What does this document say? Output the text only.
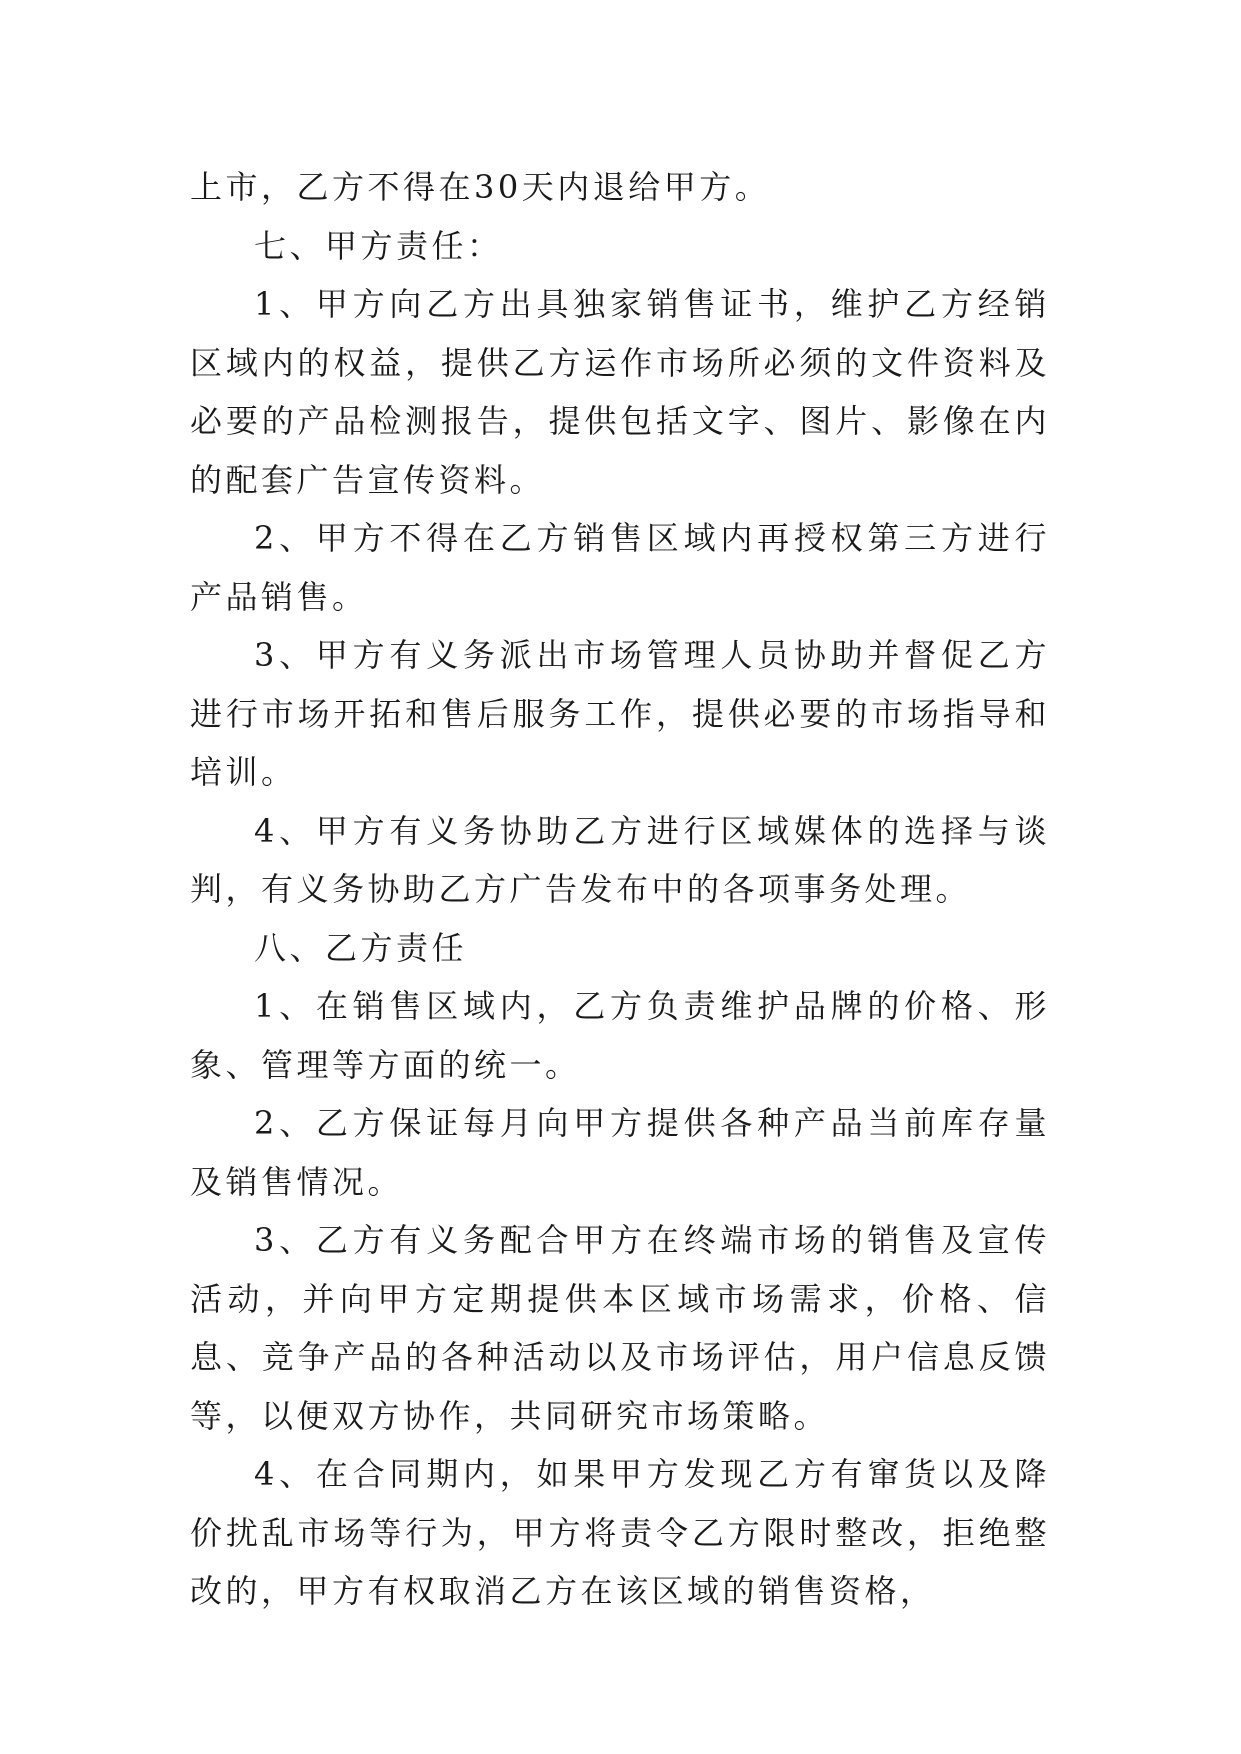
上市，乙方不得在30天内退给甲方。

七、甲方责任：

1、甲方向乙方出具独家销售证书，维护乙方经销区域内的权益，提供乙方运作市场所必须的文件资料及必要的产品检测报告，提供包括文字、图片、影像在内的配套广告宣传资料。

2、甲方不得在乙方销售区域内再授权第三方进行产品销售。

3、甲方有义务派出市场管理人员协助并督促乙方进行市场开拓和售后服务工作，提供必要的市场指导和培训。

4、甲方有义务协助乙方进行区域媒体的选择与谈判，有义务协助乙方广告发布中的各项事务处理。

八、乙方责任

1、在销售区域内，乙方负责维护品牌的价格、形象、管理等方面的统一。

2、乙方保证每月向甲方提供各种产品当前库存量及销售情况。

3、乙方有义务配合甲方在终端市场的销售及宣传活动，并向甲方定期提供本区域市场需求，价格、信息、竞争产品的各种活动以及市场评估，用户信息反馈等，以便双方协作，共同研究市场策略。

4、在合同期内，如果甲方发现乙方有窜货以及降价扰乱市场等行为，甲方将责令乙方限时整改，拒绝整改的，甲方有权取消乙方在该区域的销售资格，
